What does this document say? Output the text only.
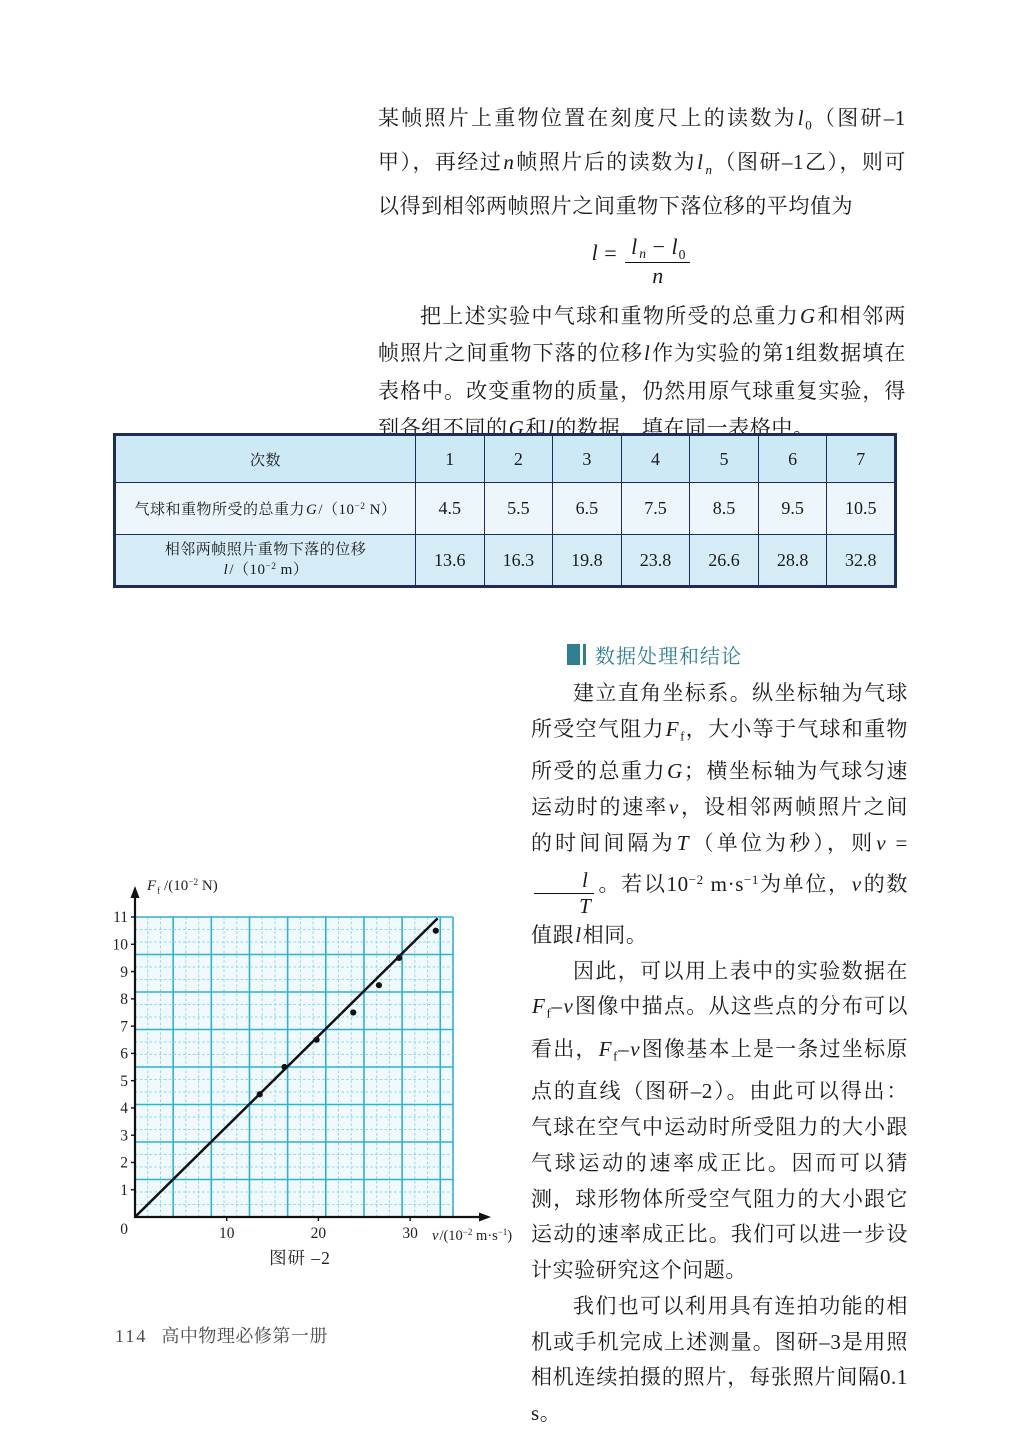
某帧照片上重物位置在刻度尺上的读数为$l_0$（图研–1甲），再经过n帧照片后的读数为l $_n$（图研–1乙），则可以得到相邻两帧照片之间重物下落位移的平均值为

$l = \frac{l _n - l_0}{n}$

把上述实验中气球和重物所受的总重力G和相邻两帧照片之间重物下落的位移l作为实验的第1组数据填在表格中。改变重物的质量，仍然用原气球重复实验，得到各组不同的G和l的数据，填在同一表格中。

次数	1	2	3	4	5	6	7
气球和重物所受的总重力$G/(10^{-2}$ N）	4.5	5.5	6.5	7.5	8.5	9.5	10.5
相邻两帧照片重物下落的位移
$l/(10^{-2}$ m）	13.6	16.3	19.8	23.8	26.6	28.8	32.8
数据处理和结论

建立直角坐标系。纵坐标轴为气球所受空气阻力$F_f$，大小等于气球和重物所受的总重力G；横坐标轴为气球匀速运动时的速率v，设相邻两帧照片之间的时间间隔为T（单位为秒），则v =
$\frac{l}{T}$ 。若以$10^{-2}$ $m\cdot s^{-1}$为单位，v的数值跟l相同。

因此，可以用上表中的实验数据在$F_f-v$图像中描点。从这些点的分布可以看出，$F_f-v$图像基本上是一条过坐标原点的直线（图研–2）。由此可以得出：气球在空气中运动时所受阻力的大小跟气球运动的速率成正比。因而可以猜测，球形物体所受空气阻力的大小跟它运动的速率成正比。我们可以进一步设计实验研究这个问题。

我们也可以利用具有连拍功能的相机或手机完成上述测量。图研–3是用照相机连续拍摄的照片，每张照片间隔0.1 s。

0
1
2
3
4
5
6
7
8
9
10
11
10	20	30
$F_f$ $/(10^{-2}$ N)
$v/(10^{-2}$ $m\cdot s^{-1}$)
图研 –2
114 高中物理必修第一册
